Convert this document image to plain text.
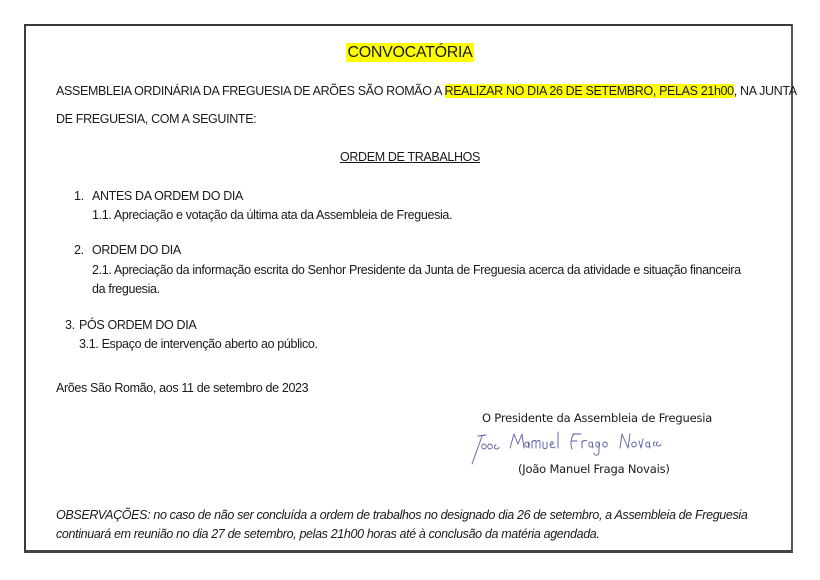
CONVOCATÓRIA
ASSEMBLEIA ORDINÁRIA DA FREGUESIA DE ARÕES SÃO ROMÃO A REALIZAR NO DIA 26 DE SETEMBRO, PELAS 21h00, NA JUNTA
DE FREGUESIA, COM A SEGUINTE:
ORDEM DE TRABALHOS
1. ANTES DA ORDEM DO DIA
1.1. Apreciação e votação da última ata da Assembleia de Freguesia.
2. ORDEM DO DIA
2.1. Apreciação da informação escrita do Senhor Presidente da Junta de Freguesia acerca da atividade e situação financeira
da freguesia.
3. PÓS ORDEM DO DIA
3.1. Espaço de intervenção aberto ao público.
Arões São Romão, aos 11 de setembro de 2023
O Presidente da Assembleia de Freguesia
(João Manuel Fraga Novais)
OBSERVAÇÕES: no caso de não ser concluída a ordem de trabalhos no designado dia 26 de setembro, a Assembleia de Freguesia
continuará em reunião no dia 27 de setembro, pelas 21h00 horas até à conclusão da matéria agendada.
